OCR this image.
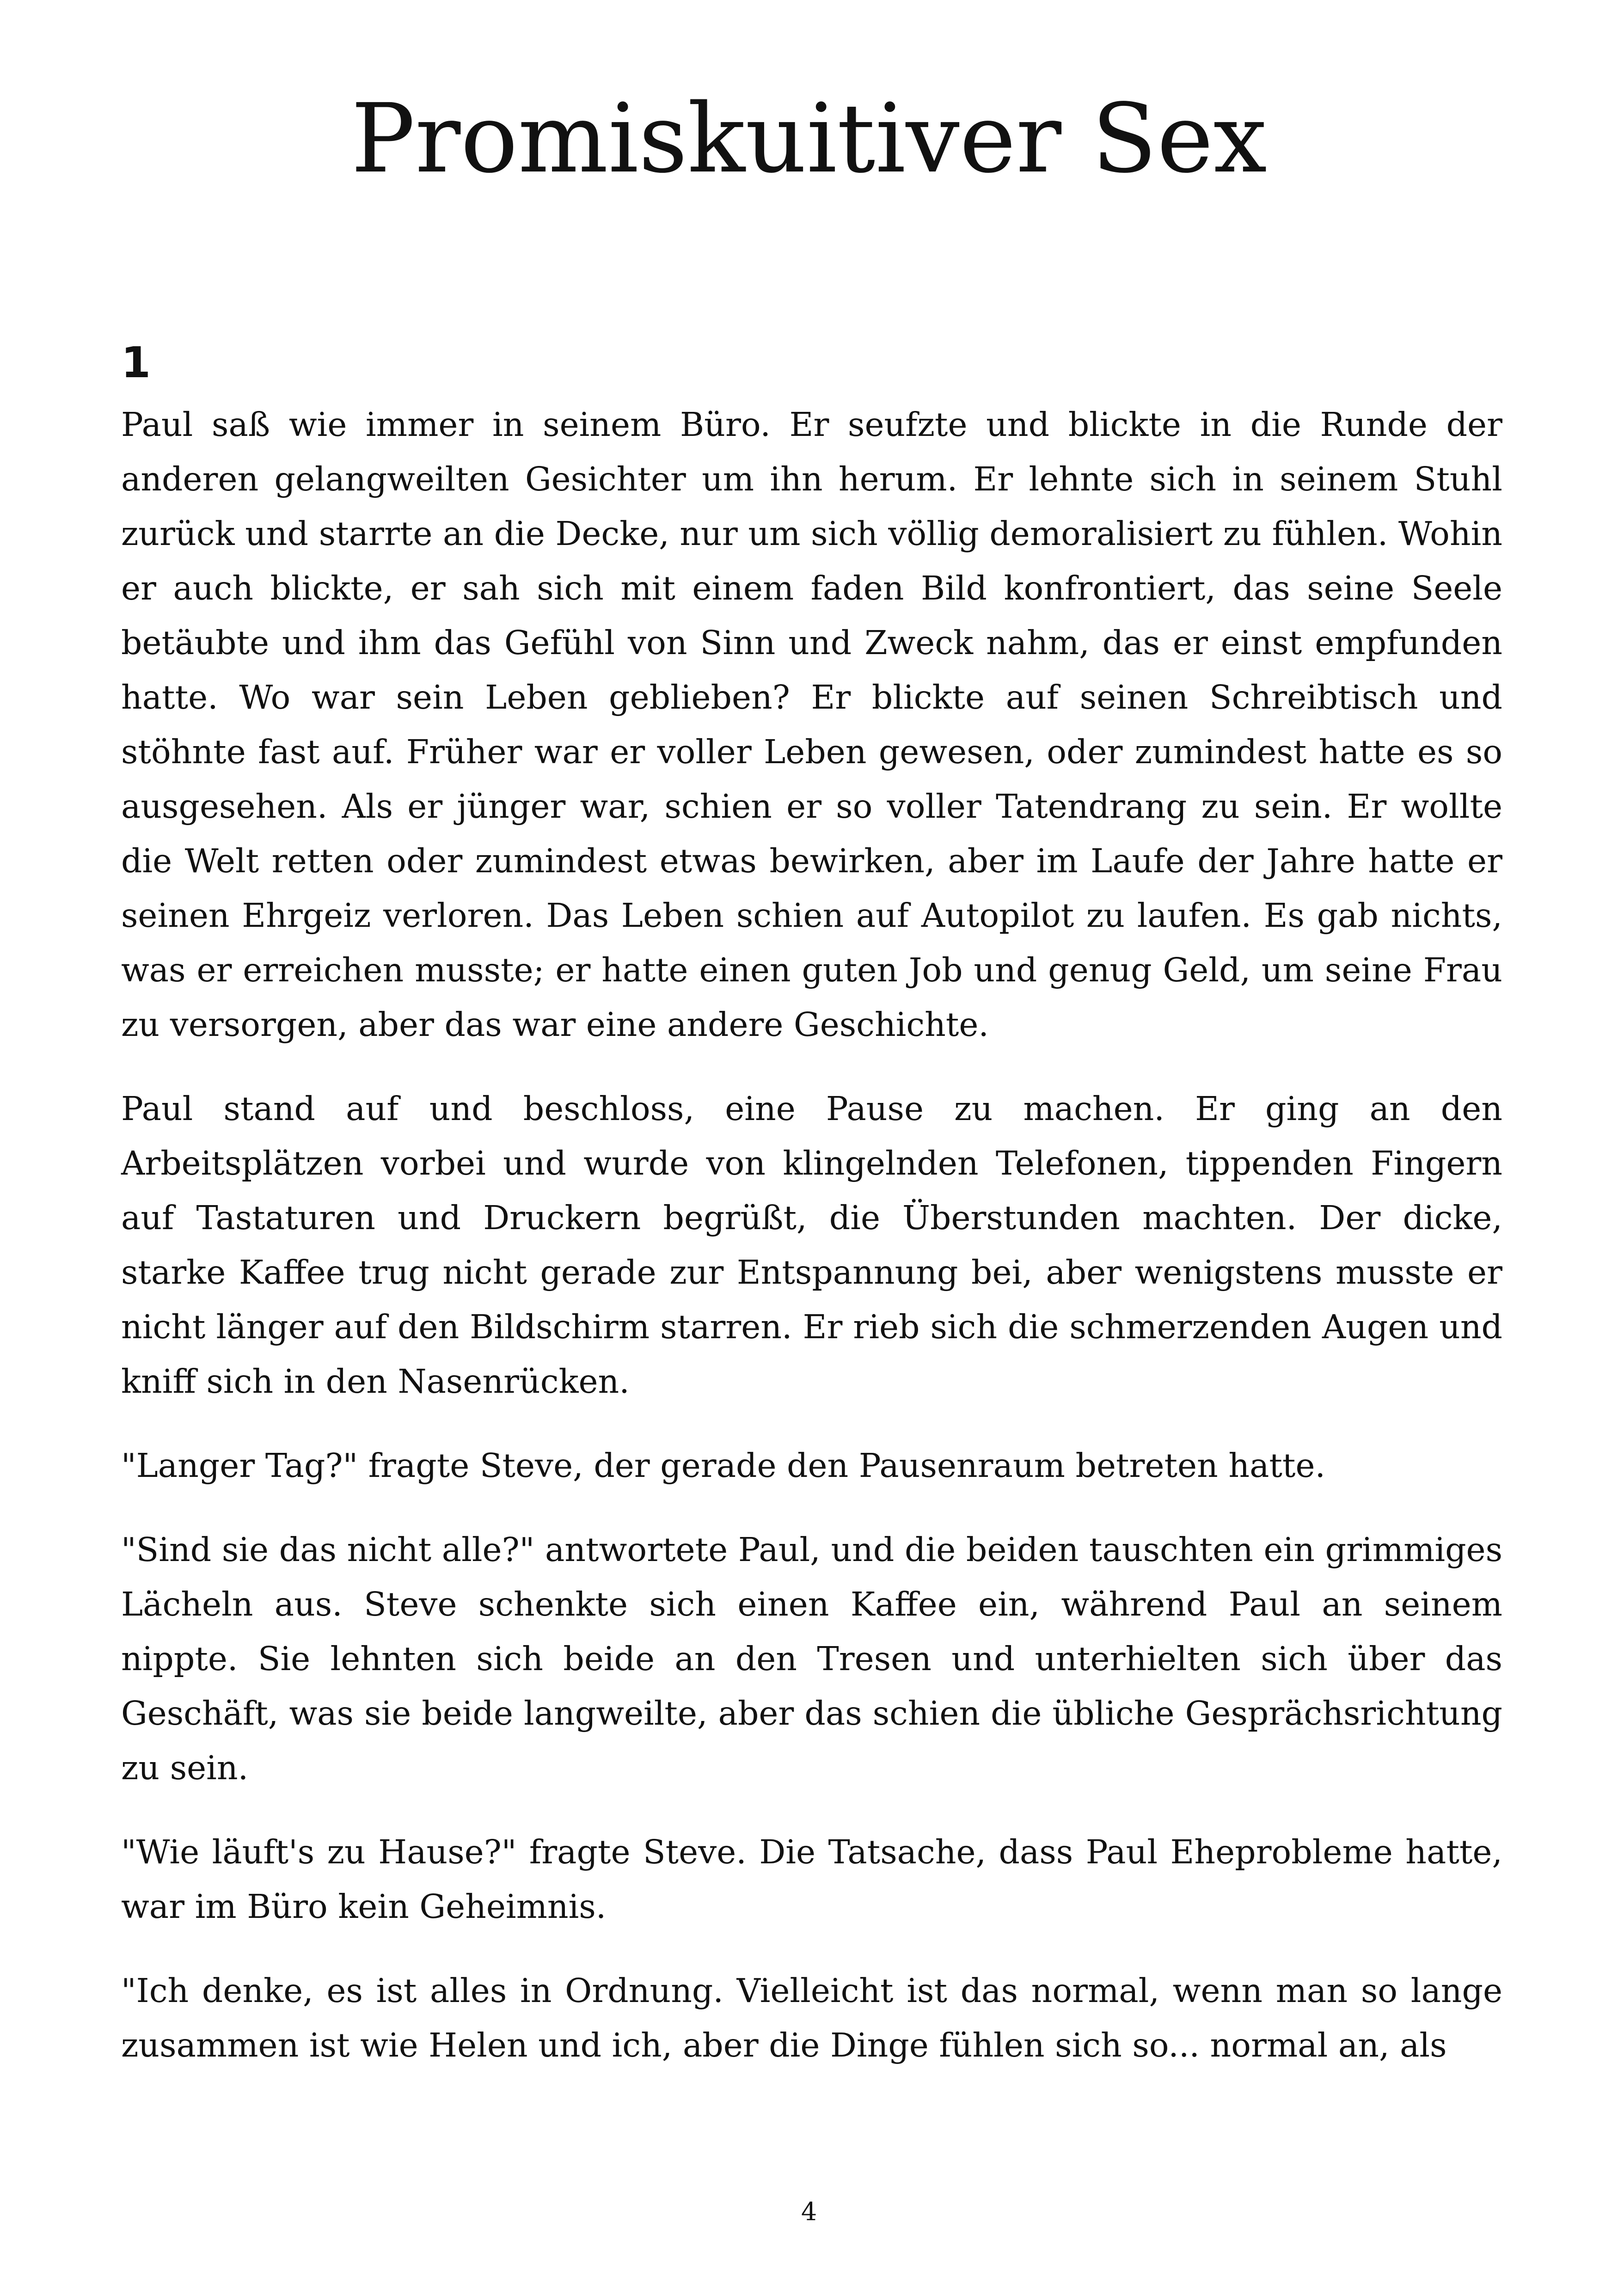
Promiskuitiver Sex
1

Paul saß wie immer in seinem Büro. Er seufzte und blickte in die Runde der anderen gelangweilten Gesichter um ihn herum. Er lehnte sich in seinem Stuhl zurück und starrte an die Decke, nur um sich völlig demoralisiert zu fühlen. Wohin er auch blickte, er sah sich mit einem faden Bild konfrontiert, das seine Seele betäubte und ihm das Gefühl von Sinn und Zweck nahm, das er einst empfunden hatte. Wo war sein Leben geblieben? Er blickte auf seinen Schreibtisch und stöhnte fast auf. Früher war er voller Leben gewesen, oder zumindest hatte es so ausgesehen. Als er jünger war, schien er so voller Tatendrang zu sein. Er wollte die Welt retten oder zumindest etwas bewirken, aber im Laufe der Jahre hatte er seinen Ehrgeiz verloren. Das Leben schien auf Autopilot zu laufen. Es gab nichts, was er erreichen musste; er hatte einen guten Job und genug Geld, um seine Frau zu versorgen, aber das war eine andere Geschichte.

Paul stand auf und beschloss, eine Pause zu machen. Er ging an den Arbeitsplätzen vorbei und wurde von klingelnden Telefonen, tippenden Fingern auf Tastaturen und Druckern begrüßt, die Überstunden machten. Der dicke, starke Kaffee trug nicht gerade zur Entspannung bei, aber wenigstens musste er nicht länger auf den Bildschirm starren. Er rieb sich die schmerzenden Augen und kniff sich in den Nasenrücken.

"Langer Tag?" fragte Steve, der gerade den Pausenraum betreten hatte.

"Sind sie das nicht alle?" antwortete Paul, und die beiden tauschten ein grimmiges Lächeln aus. Steve schenkte sich einen Kaffee ein, während Paul an seinem nippte. Sie lehnten sich beide an den Tresen und unterhielten sich über das Geschäft, was sie beide langweilte, aber das schien die übliche Gesprächsrichtung zu sein.

"Wie läuft's zu Hause?" fragte Steve. Die Tatsache, dass Paul Eheprobleme hatte, war im Büro kein Geheimnis.

"Ich denke, es ist alles in Ordnung. Vielleicht ist das normal, wenn man so lange zusammen ist wie Helen und ich, aber die Dinge fühlen sich so... normal an, als

4
